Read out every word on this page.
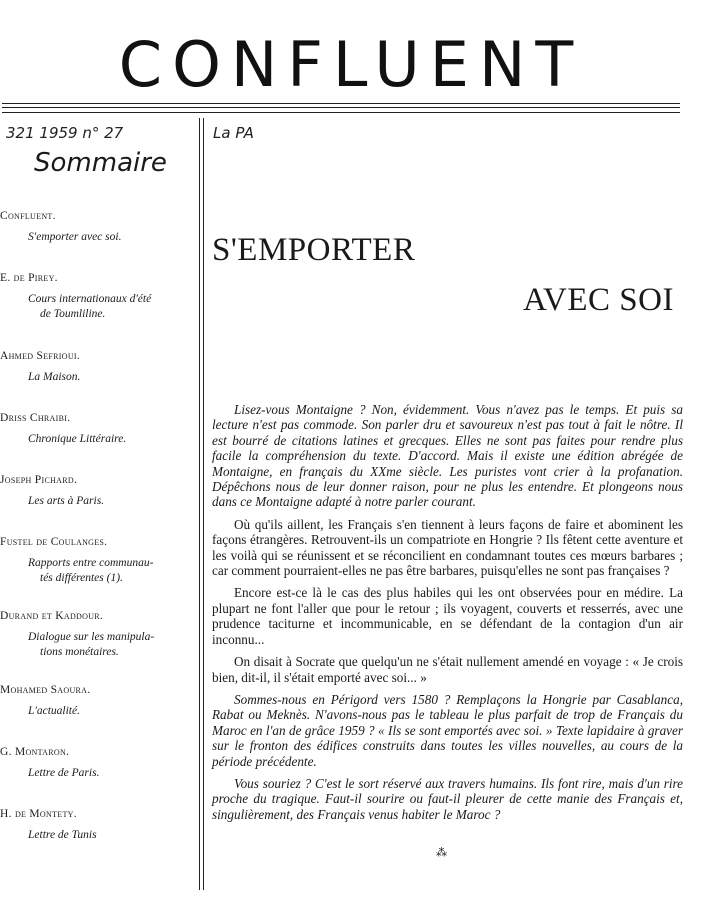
CONFLUENT
321 1959 n° 27	La PA
Sommaire
Confluent.
S'emporter avec soi.
E. de Pirey.
Cours internationaux d'été

de Toumliline.
Ahmed Sefrioui.
La Maison.
Driss Chraibi.
Chronique Littéraire.
Joseph Pichard.
Les arts à Paris.
Fustel de Coulanges.
Rapports entre communau-

tés différentes (1).
Durand et Kaddour.
Dialogue sur les manipula-

tions monétaires.
Mohamed Saoura.
L'actualité.
G. Montaron.
Lettre de Paris.
H. de Montety.
Lettre de Tunis
S'EMPORTER
AVEC SOI

Lisez-vous Montaigne ? Non, évidemment. Vous n'avez pas le temps. Et puis sa lecture n'est pas commode. Son parler dru et savoureux n'est pas tout à fait le nôtre. Il est bourré de citations latines et grecques. Elles ne sont pas faites pour rendre plus facile la compréhension du texte. D'accord. Mais il existe une édition abrégée de Montaigne, en français du XXme siècle. Les puristes vont crier à la profanation. Dépêchons nous de leur donner raison, pour ne plus les entendre. Et plongeons nous dans ce Montaigne adapté à notre parler courant.

Où qu'ils aillent, les Français s'en tiennent à leurs façons de faire et abominent les façons étrangères. Retrouvent-ils un compatriote en Hongrie ? Ils fêtent cette aventure et les voilà qui se réunissent et se réconcilient en condamnant toutes ces mœurs barbares ; car comment pourraient-elles ne pas être barbares, puisqu'elles ne sont pas françaises ?

Encore est-ce là le cas des plus habiles qui les ont observées pour en médire. La plupart ne font l'aller que pour le retour ; ils voyagent, couverts et resserrés, avec une prudence taciturne et incommunicable, en se défendant de la contagion d'un air inconnu...

On disait à Socrate que quelqu'un ne s'était nullement amendé en voyage : « Je crois bien, dit-il, il s'était emporté avec soi... »

Sommes-nous en Périgord vers 1580 ? Remplaçons la Hongrie par Casablanca, Rabat ou Meknès. N'avons-nous pas le tableau le plus parfait de trop de Français du Maroc en l'an de grâce 1959 ? « Ils se sont emportés avec soi. » Texte lapidaire à graver sur le fronton des édifices construits dans toutes les villes nouvelles, au cours de la période précédente.

Vous souriez ? C'est le sort réservé aux travers humains. Ils font rire, mais d'un rire proche du tragique. Faut-il sourire ou faut-il pleurer de cette manie des Français et, singulièrement, des Français venus habiter le Maroc ?

⁂
